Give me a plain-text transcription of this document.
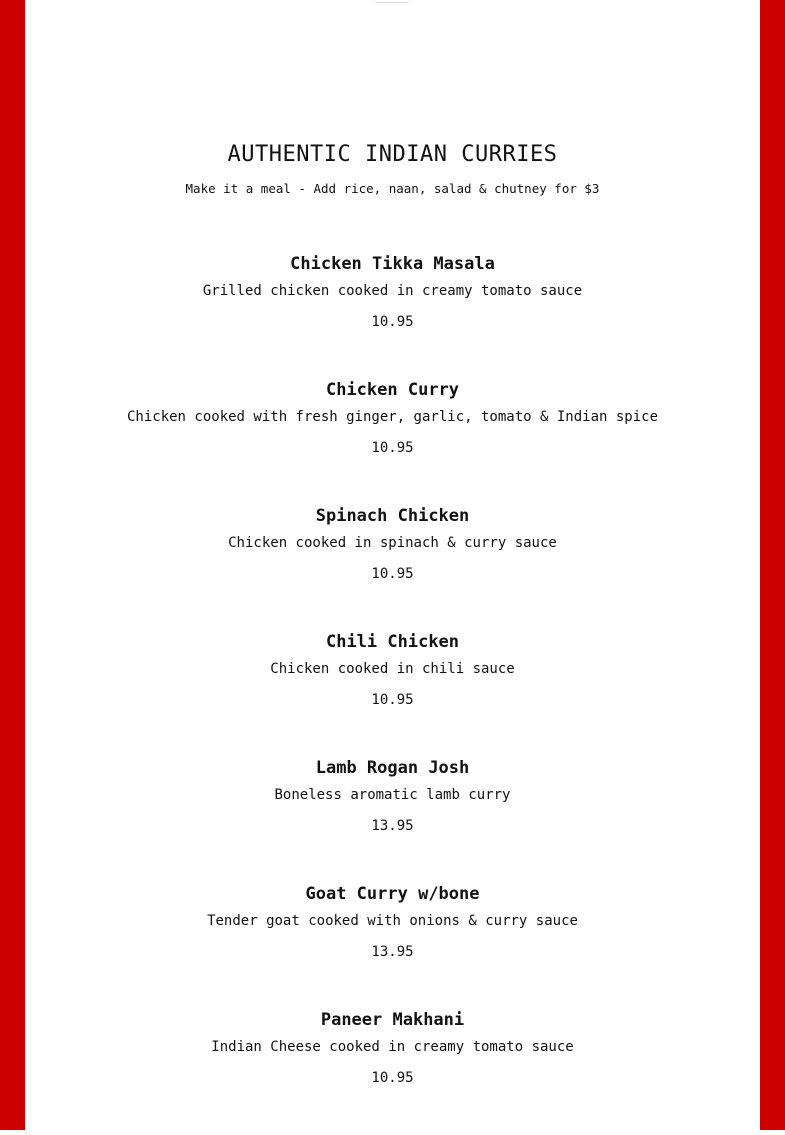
AUTHENTIC INDIAN CURRIES
Make it a meal - Add rice, naan, salad & chutney for $3
Chicken Tikka Masala
Grilled chicken cooked in creamy tomato sauce
10.95
Chicken Curry
Chicken cooked with fresh ginger, garlic, tomato & Indian spice
10.95
Spinach Chicken
Chicken cooked in spinach & curry sauce
10.95
Chili Chicken
Chicken cooked in chili sauce
10.95
Lamb Rogan Josh
Boneless aromatic lamb curry
13.95
Goat Curry w/bone
Tender goat cooked with onions & curry sauce
13.95
Paneer Makhani
Indian Cheese cooked in creamy tomato sauce
10.95
